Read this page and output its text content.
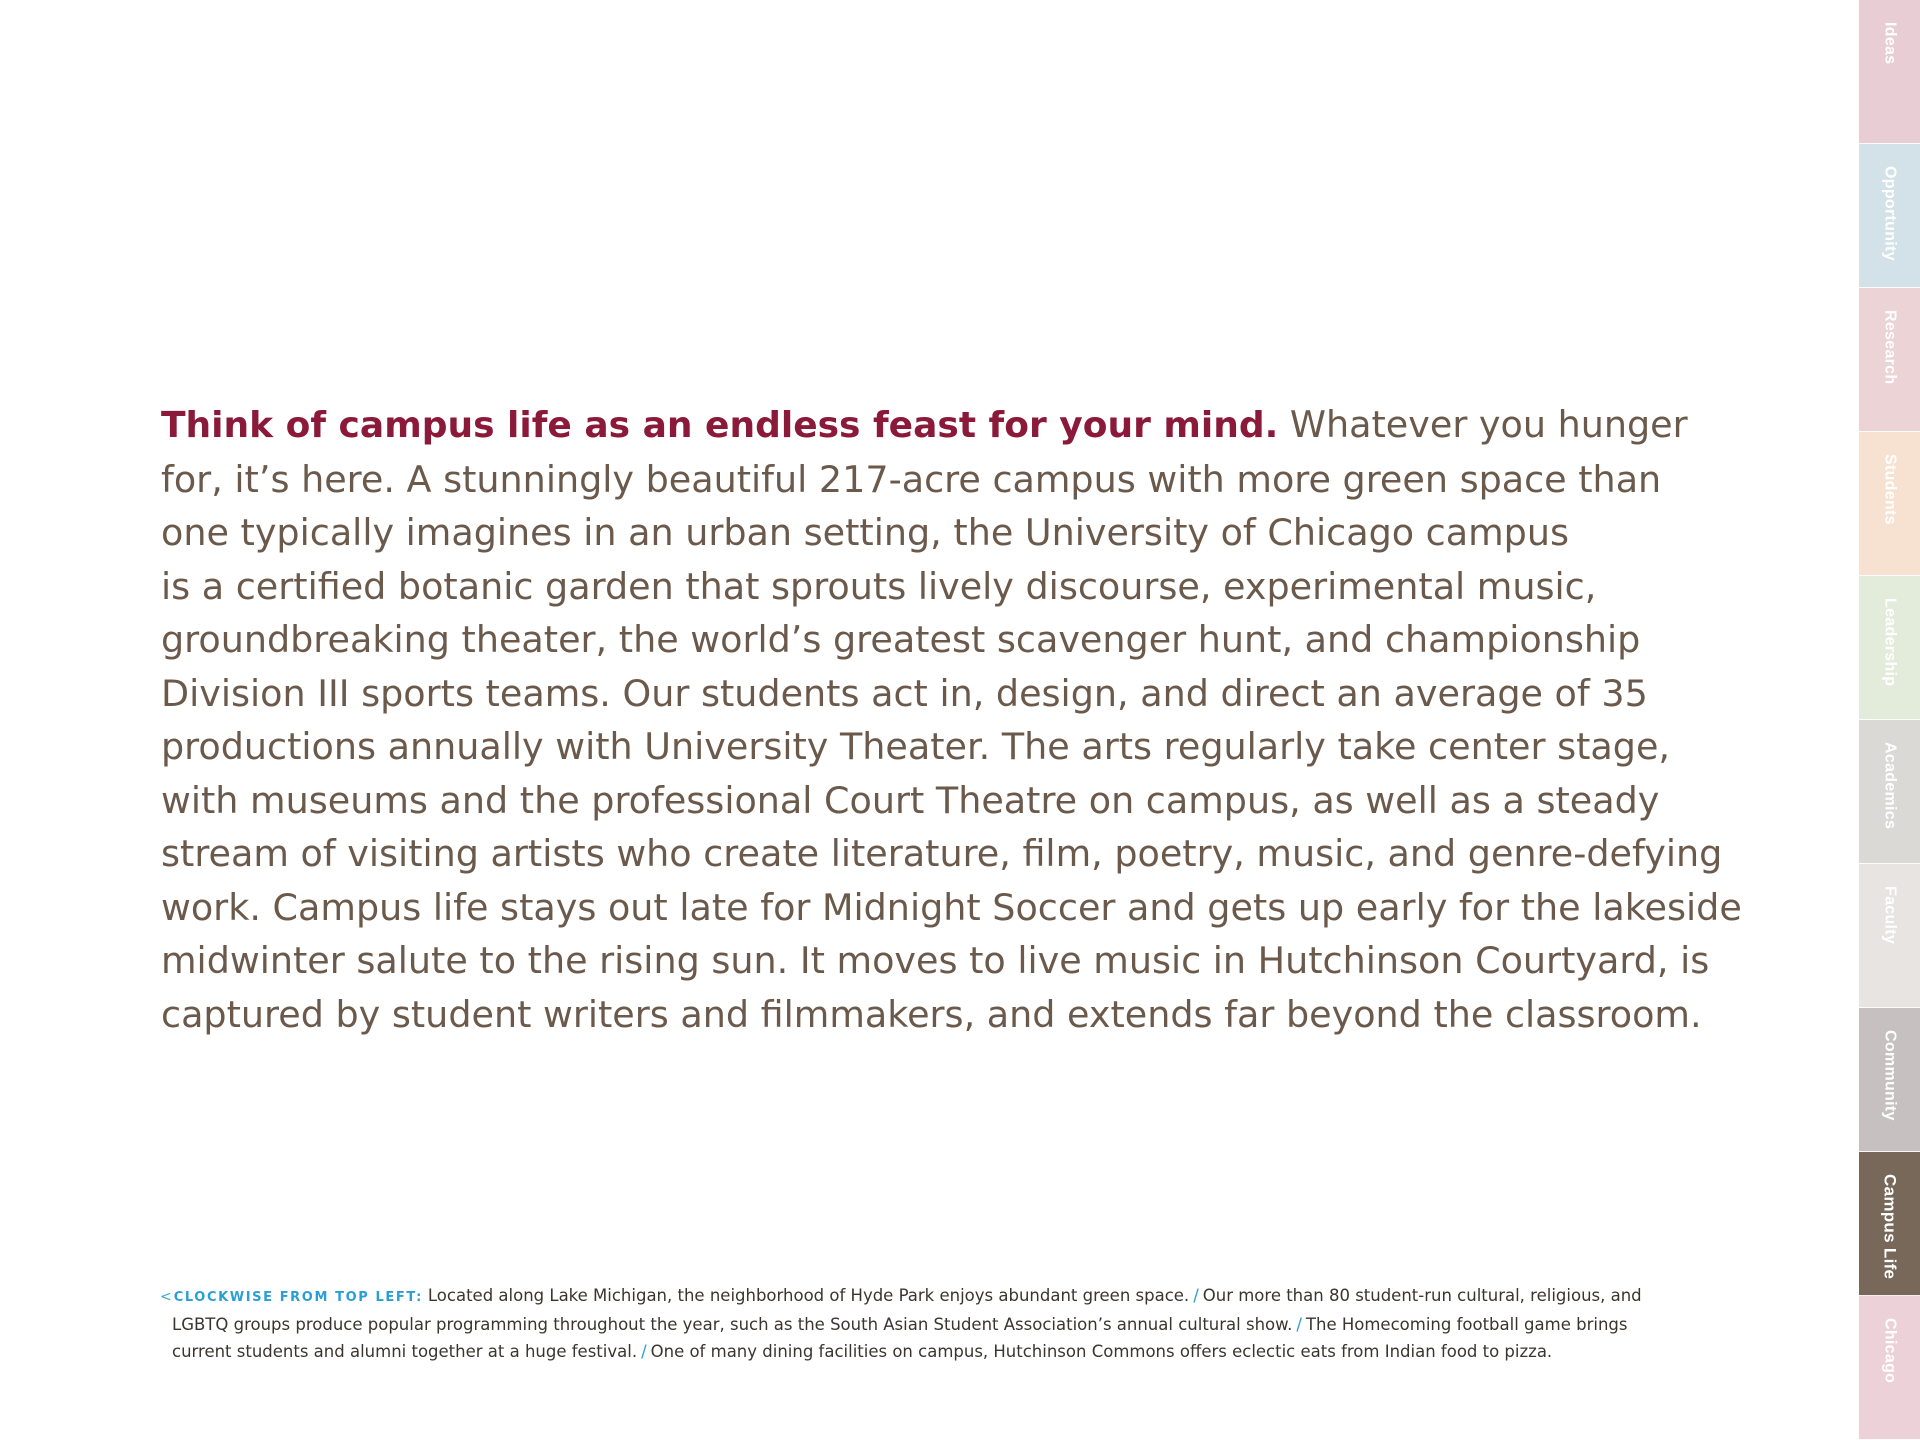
Think of campus life as an endless feast for your mind. Whatever you hunger
for, it’s here. A stunningly beautiful 217-acre campus with more green space than
one typically imagines in an urban setting, the University of Chicago campus
is a certified botanic garden that sprouts lively discourse, experimental music,
groundbreaking theater, the world’s greatest scavenger hunt, and championship
Division III sports teams. Our students act in, design, and direct an average of 35
productions annually with University Theater. The arts regularly take center stage,
with museums and the professional Court Theatre on campus, as well as a steady
stream of visiting artists who create literature, film, poetry, music, and genre-defying
work. Campus life stays out late for Midnight Soccer and gets up early for the lakeside
midwinter salute to the rising sun. It moves to live music in Hutchinson Courtyard, is
captured by student writers and filmmakers, and extends far beyond the classroom.
< CLOCKWISE FROM TOP LEFT: Located along Lake Michigan, the neighborhood of Hyde Park enjoys abundant green space. / Our more than 80 student-run cultural, religious, and
LGBTQ groups produce popular programming throughout the year, such as the South Asian Student Association’s annual cultural show. / The Homecoming football game brings
current students and alumni together at a huge festival. / One of many dining facilities on campus, Hutchinson Commons offers eclectic eats from Indian food to pizza.
Ideas
Opportunity
Research
Students
Leadership
Academics
Faculty
Community
Campus Life
Chicago
